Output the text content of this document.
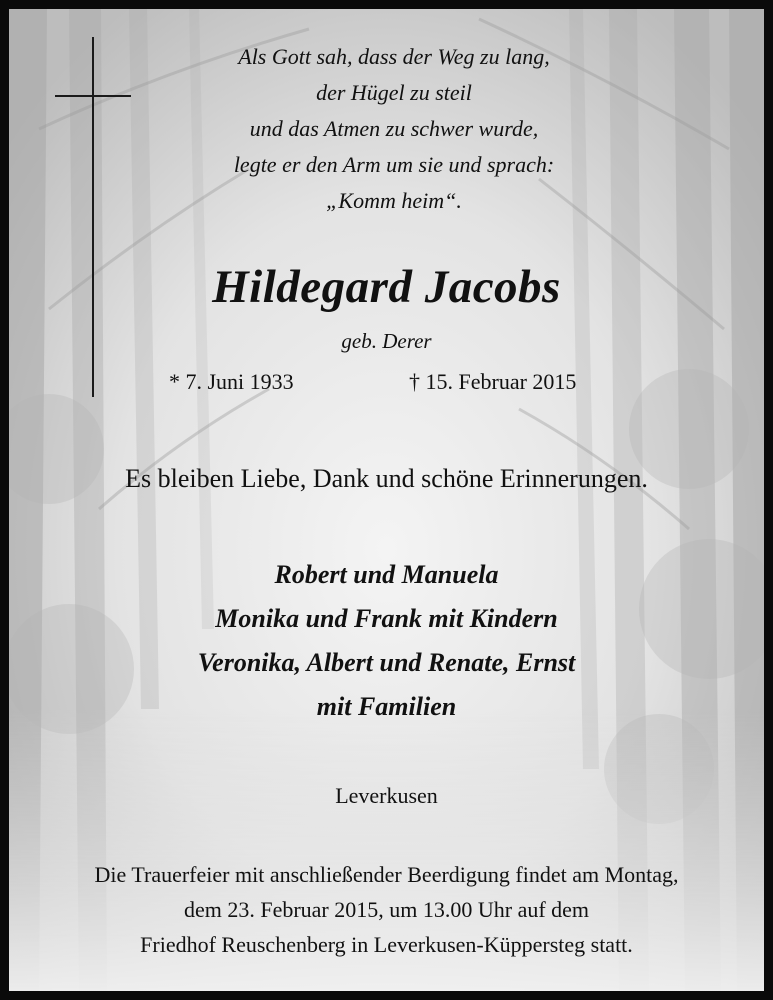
Als Gott sah, dass der Weg zu lang,
der Hügel zu steil
und das Atmen zu schwer wurde,
legte er den Arm um sie und sprach:
„Komm heim“.
Hildegard Jacobs
geb. Derer
* 7. Juni 1933	† 15. Februar 2015
Es bleiben Liebe, Dank und schöne Erinnerungen.
Robert und Manuela
Monika und Frank mit Kindern
Veronika, Albert und Renate, Ernst
mit Familien
Leverkusen
Die Trauerfeier mit anschließender Beerdigung findet am Montag,
dem 23. Februar 2015, um 13.00 Uhr auf dem
Friedhof Reuschenberg in Leverkusen-Küppersteg statt.
